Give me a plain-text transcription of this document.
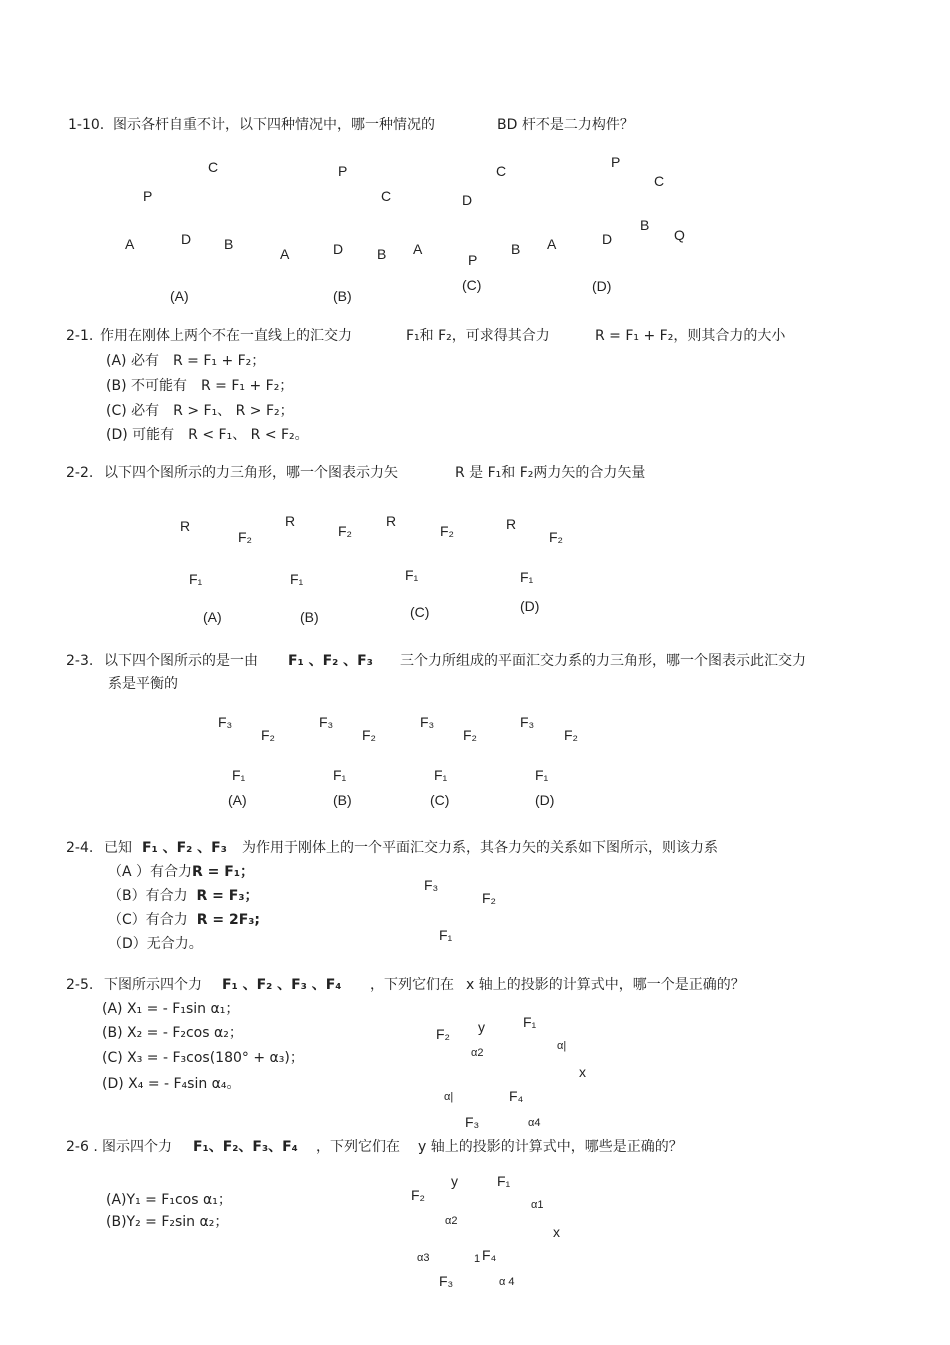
1-10. 图示各杆自重不计，以下四种情况中，哪一种情况的	BD 杆不是二力构件？
C
P
A	D B
(A)
P
C
A	D B
(B)
C
D
A
P
B
(C)
P
C
A	D
B
Q
(D)
2-1. 作用在刚体上两个不在一直线上的汇交力	F₁和 F₂，可求得其合力	R = F₁ + F₂，则其合力的大小
(A) 必有　R = F₁ + F₂；
(B) 不可能有　R = F₁ + F₂；
(C) 必有　R > F₁、 R > F₂；
(D) 可能有　R < F₁、 R < F₂。
2-2. 以下四个图所示的力三角形，哪一个图表示力矢	R 是 F₁和 F₂两力矢的合力矢量
R
F₂
F₁
(A)
R
F₂
F₁
(B)
R
F₂
F₁
(C)
R
F₂
F₁
(D)
2-3. 以下四个图所示的是一由 F₁ 、F₂ 、F₃ 三个力所组成的平面汇交力系的力三角形，哪一个图表示此汇交力
系是平衡的
F₃
F₂
F₁
(A)
F₃
F₂
F₁
(B)
F₃
F₂
F₁
(C)
F₃
F₂
F₁
(D)
2-4. 已知 F₁ 、F₂ 、F₃ 为作用于刚体上的一个平面汇交力系，其各力矢的关系如下图所示，则该力系
（A ）有合力R = F₁；
（B）有合力 R = F₃；
（C）有合力 R = 2F₃;
（D）无合力。
F₃
F₂
F₁
2-5. 下图所示四个力 F₁ 、F₂ 、F₃ 、F₄ ，下列它们在 x 轴上的投影的计算式中，哪一个是正确的？
(A) X₁ = - F₁sin α₁；
(B) X₂ = - F₂cos α₂；
(C) X₃ = - F₃cos(180° + α₃)；
(D) X₄ = - F₄sin α₄。
F₂ y	F₁
α2
α|
x
α|	F₄
F₃	α4
2-6 . 图示四个力 F₁、F₂、F₃、F₄ ，下列它们在 y 轴上的投影的计算式中，哪些是正确的？
(A)Y₁ = F₁cos α₁；
(B)Y₂ = F₂sin α₂；
y	F₁
F₂
α1
α2
x
α3	1 F₄
F₃	α 4
